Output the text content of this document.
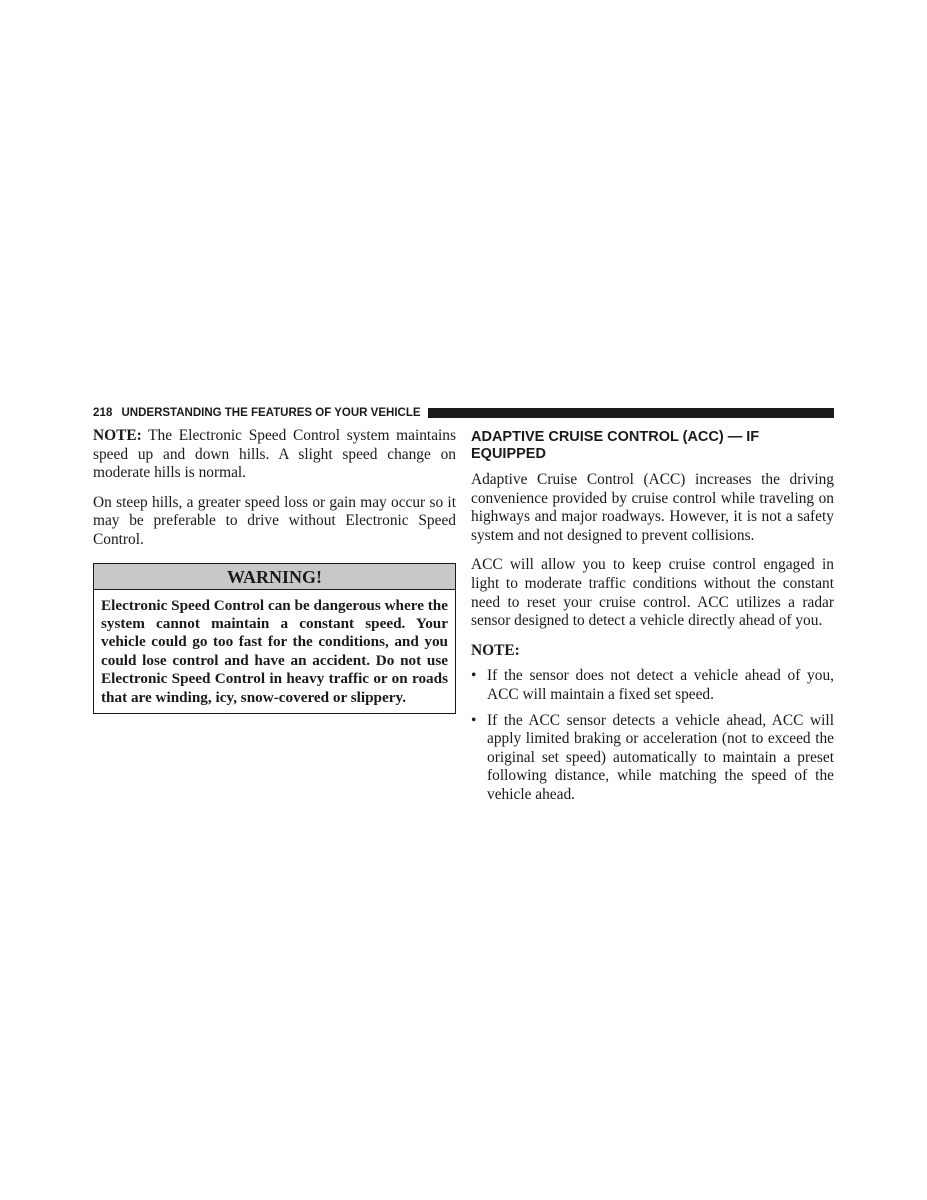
218 UNDERSTANDING THE FEATURES OF YOUR VEHICLE

NOTE: The Electronic Speed Control system maintains speed up and down hills. A slight speed change on moderate hills is normal.

On steep hills, a greater speed loss or gain may occur so it may be preferable to drive without Electronic Speed Control.

WARNING!
Electronic Speed Control can be dangerous where the system cannot maintain a constant speed. Your vehicle could go too fast for the conditions, and you could lose control and have an accident. Do not use Electronic Speed Control in heavy traffic or on roads that are winding, icy, snow-covered or slippery.
ADAPTIVE CRUISE CONTROL (ACC) — IF EQUIPPED

Adaptive Cruise Control (ACC) increases the driving convenience provided by cruise control while traveling on highways and major roadways. However, it is not a safety system and not designed to prevent collisions.

ACC will allow you to keep cruise control engaged in light to moderate traffic conditions without the constant need to reset your cruise control. ACC utilizes a radar sensor designed to detect a vehicle directly ahead of you.

NOTE:

• If the sensor does not detect a vehicle ahead of you, ACC will maintain a fixed set speed.
• If the ACC sensor detects a vehicle ahead, ACC will apply limited braking or acceleration (not to exceed the original set speed) automatically to maintain a preset following distance, while matching the speed of the vehicle ahead.
